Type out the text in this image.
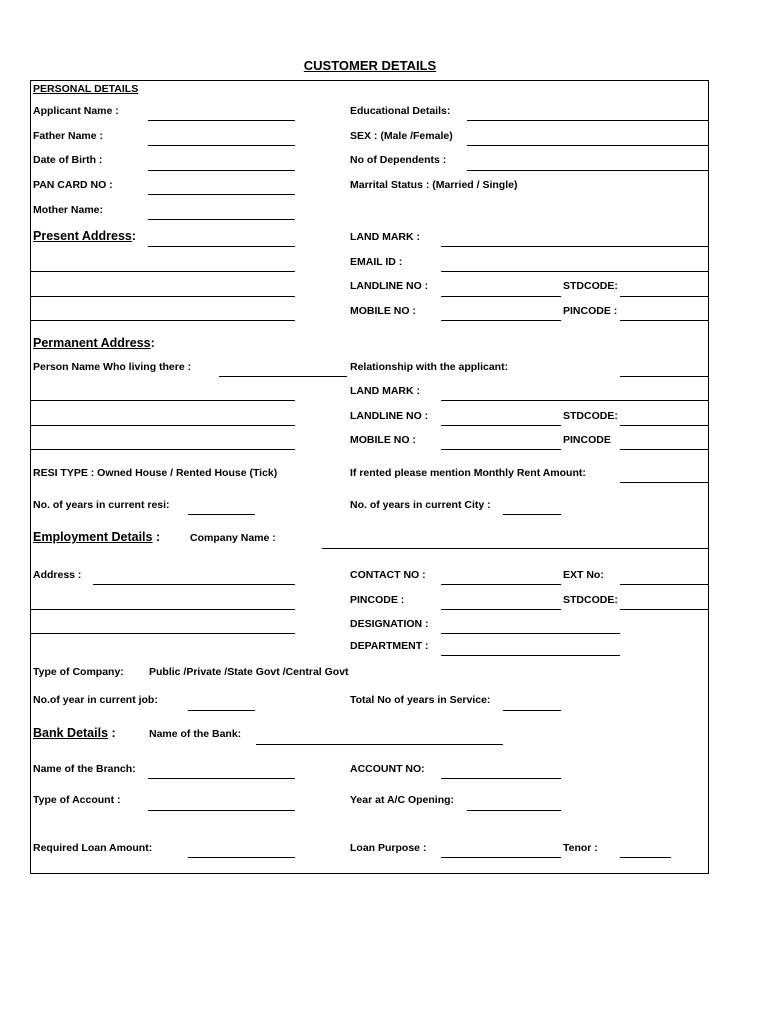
CUSTOMER DETAILS
PERSONAL DETAILS
Applicant Name :	Educational Details:
Father Name :	SEX : (Male /Female)
Date of Birth :	No of Dependents :
PAN CARD NO :	Marrital Status : (Married / Single)
Mother Name:
Present Address:	LAND MARK :
EMAIL ID :
LANDLINE NO :	STDCODE:
MOBILE NO :	PINCODE :
Permanent Address:
Person Name Who living there :	Relationship with the applicant:
LAND MARK :
LANDLINE NO :	STDCODE:
MOBILE NO :	PINCODE
RESI TYPE : Owned House / Rented House (Tick)	If rented please mention Monthly Rent Amount:
No. of years in current resi:	No. of years in current City :
Employment Details :	Company Name :
Address :	CONTACT NO :	EXT No:
PINCODE :	STDCODE:
DESIGNATION :
DEPARTMENT :
Type of Company: Public /Private /State Govt /Central Govt
No.of year in current job:	Total No of years in Service:
Bank Details :	Name of the Bank:
Name of the Branch:	ACCOUNT NO:
Type of Account :	Year at A/C Opening:
Required Loan Amount:	Loan Purpose :	Tenor :
